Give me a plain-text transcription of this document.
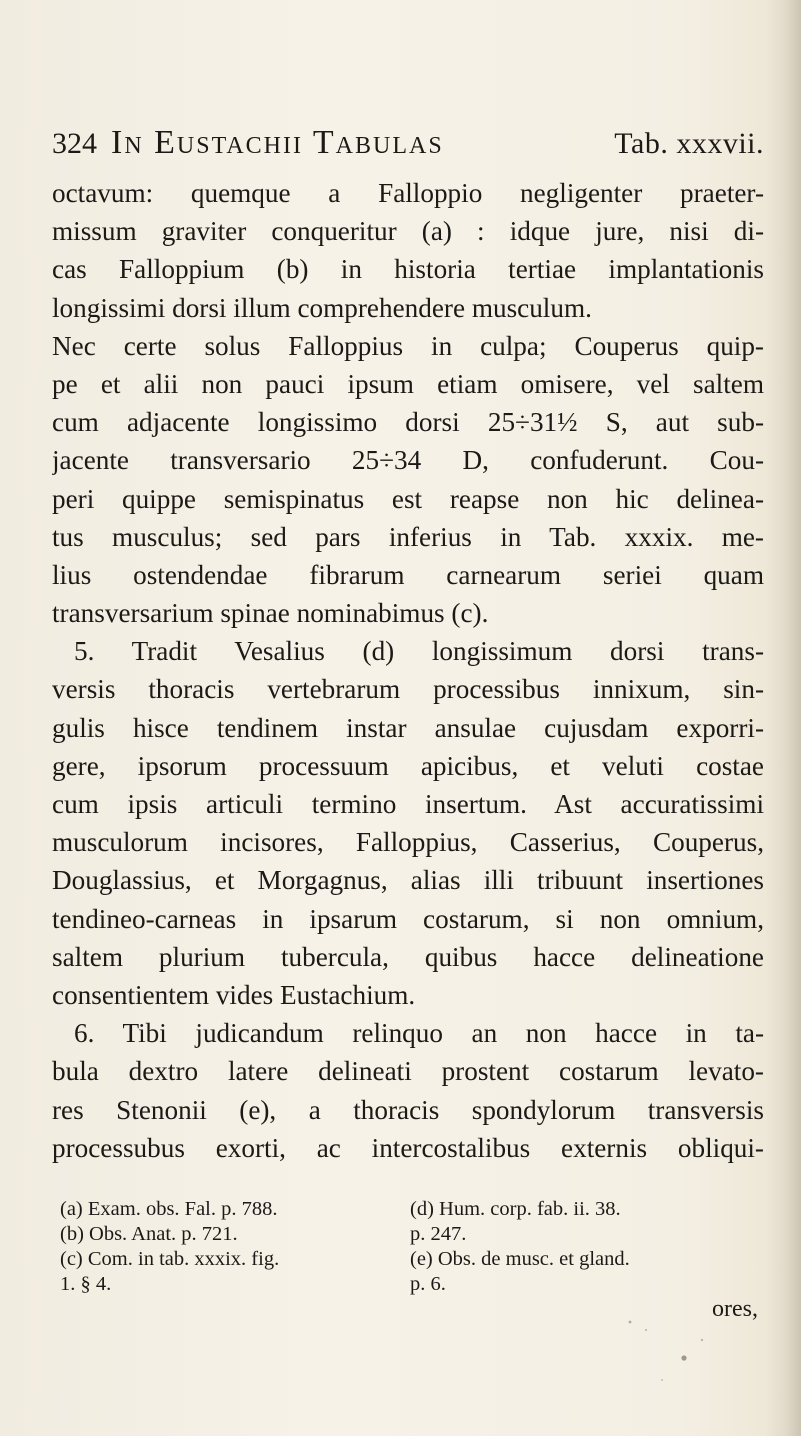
324 In Eustachii Tabulas	Tab. xxxvii.

octavum: quemque a Falloppio negligenter praeter-
missum graviter conqueritur (a) : idque jure, nisi di-
cas Falloppium (b) in historia tertiae implantationis
longissimi dorsi illum comprehendere musculum.
Nec certe solus Falloppius in culpa; Couperus quip-
pe et alii non pauci ipsum etiam omisere, vel saltem
cum adjacente longissimo dorsi 25÷31½ S, aut sub-
jacente transversario 25÷34 D, confuderunt. Cou-
peri quippe semispinatus est reapse non hic delinea-
tus musculus; sed pars inferius in Tab. xxxix. me-
lius ostendendae fibrarum carnearum seriei quam
transversarium spinae nominabimus (c).

5. Tradit Vesalius (d) longissimum dorsi trans-
versis thoracis vertebrarum processibus innixum, sin-
gulis hisce tendinem instar ansulae cujusdam exporri-
gere, ipsorum processuum apicibus, et veluti costae
cum ipsis articuli termino insertum. Ast accuratissimi
musculorum incisores, Falloppius, Casserius, Couperus,
Douglassius, et Morgagnus, alias illi tribuunt insertiones
tendineo-carneas in ipsarum costarum, si non omnium,
saltem plurium tubercula, quibus hacce delineatione
consentientem vides Eustachium.

6. Tibi judicandum relinquo an non hacce in ta-
bula dextro latere delineati prostent costarum levato-
res Stenonii (e), a thoracis spondylorum transversis
processubus exorti, ac intercostalibus externis obliqui-

(a) Exam. obs. Fal. p. 788.
(b) Obs. Anat. p. 721.
(c) Com. in tab. xxxix. fig.
1. § 4.
(d) Hum. corp. fab. ii. 38.
p. 247.
(e) Obs. de musc. et gland.
p. 6.
ores,
